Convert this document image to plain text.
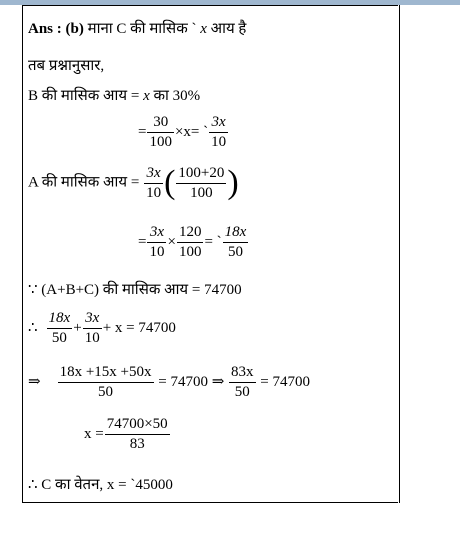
Ans : (b) माना C की मासिक ` x आय है
तब प्रश्नानुसार,
B की मासिक आय = x का 30%
= $\frac{30}{100} \times x=$ ` $\frac{3x}{10}$
A की मासिक आय = $\frac{3x}{10}$ ( $\frac{100+20}{100}$ )
= $\frac{3x}{10} \times \frac{120}{100}$ = ` $\frac{18x}{50}$
∵ (A+B+C) की मासिक आय = 74700
∴ $\frac{18x}{50} + \frac{3x}{10} + x = 74700$
⇒ $\frac{18x +15x +50x}{50} = 74700$ ⇒ $\frac{83x}{50} = 74700$
$x = \frac{74700\times 50}{83}$
∴ C का वेतन, x = `45000
